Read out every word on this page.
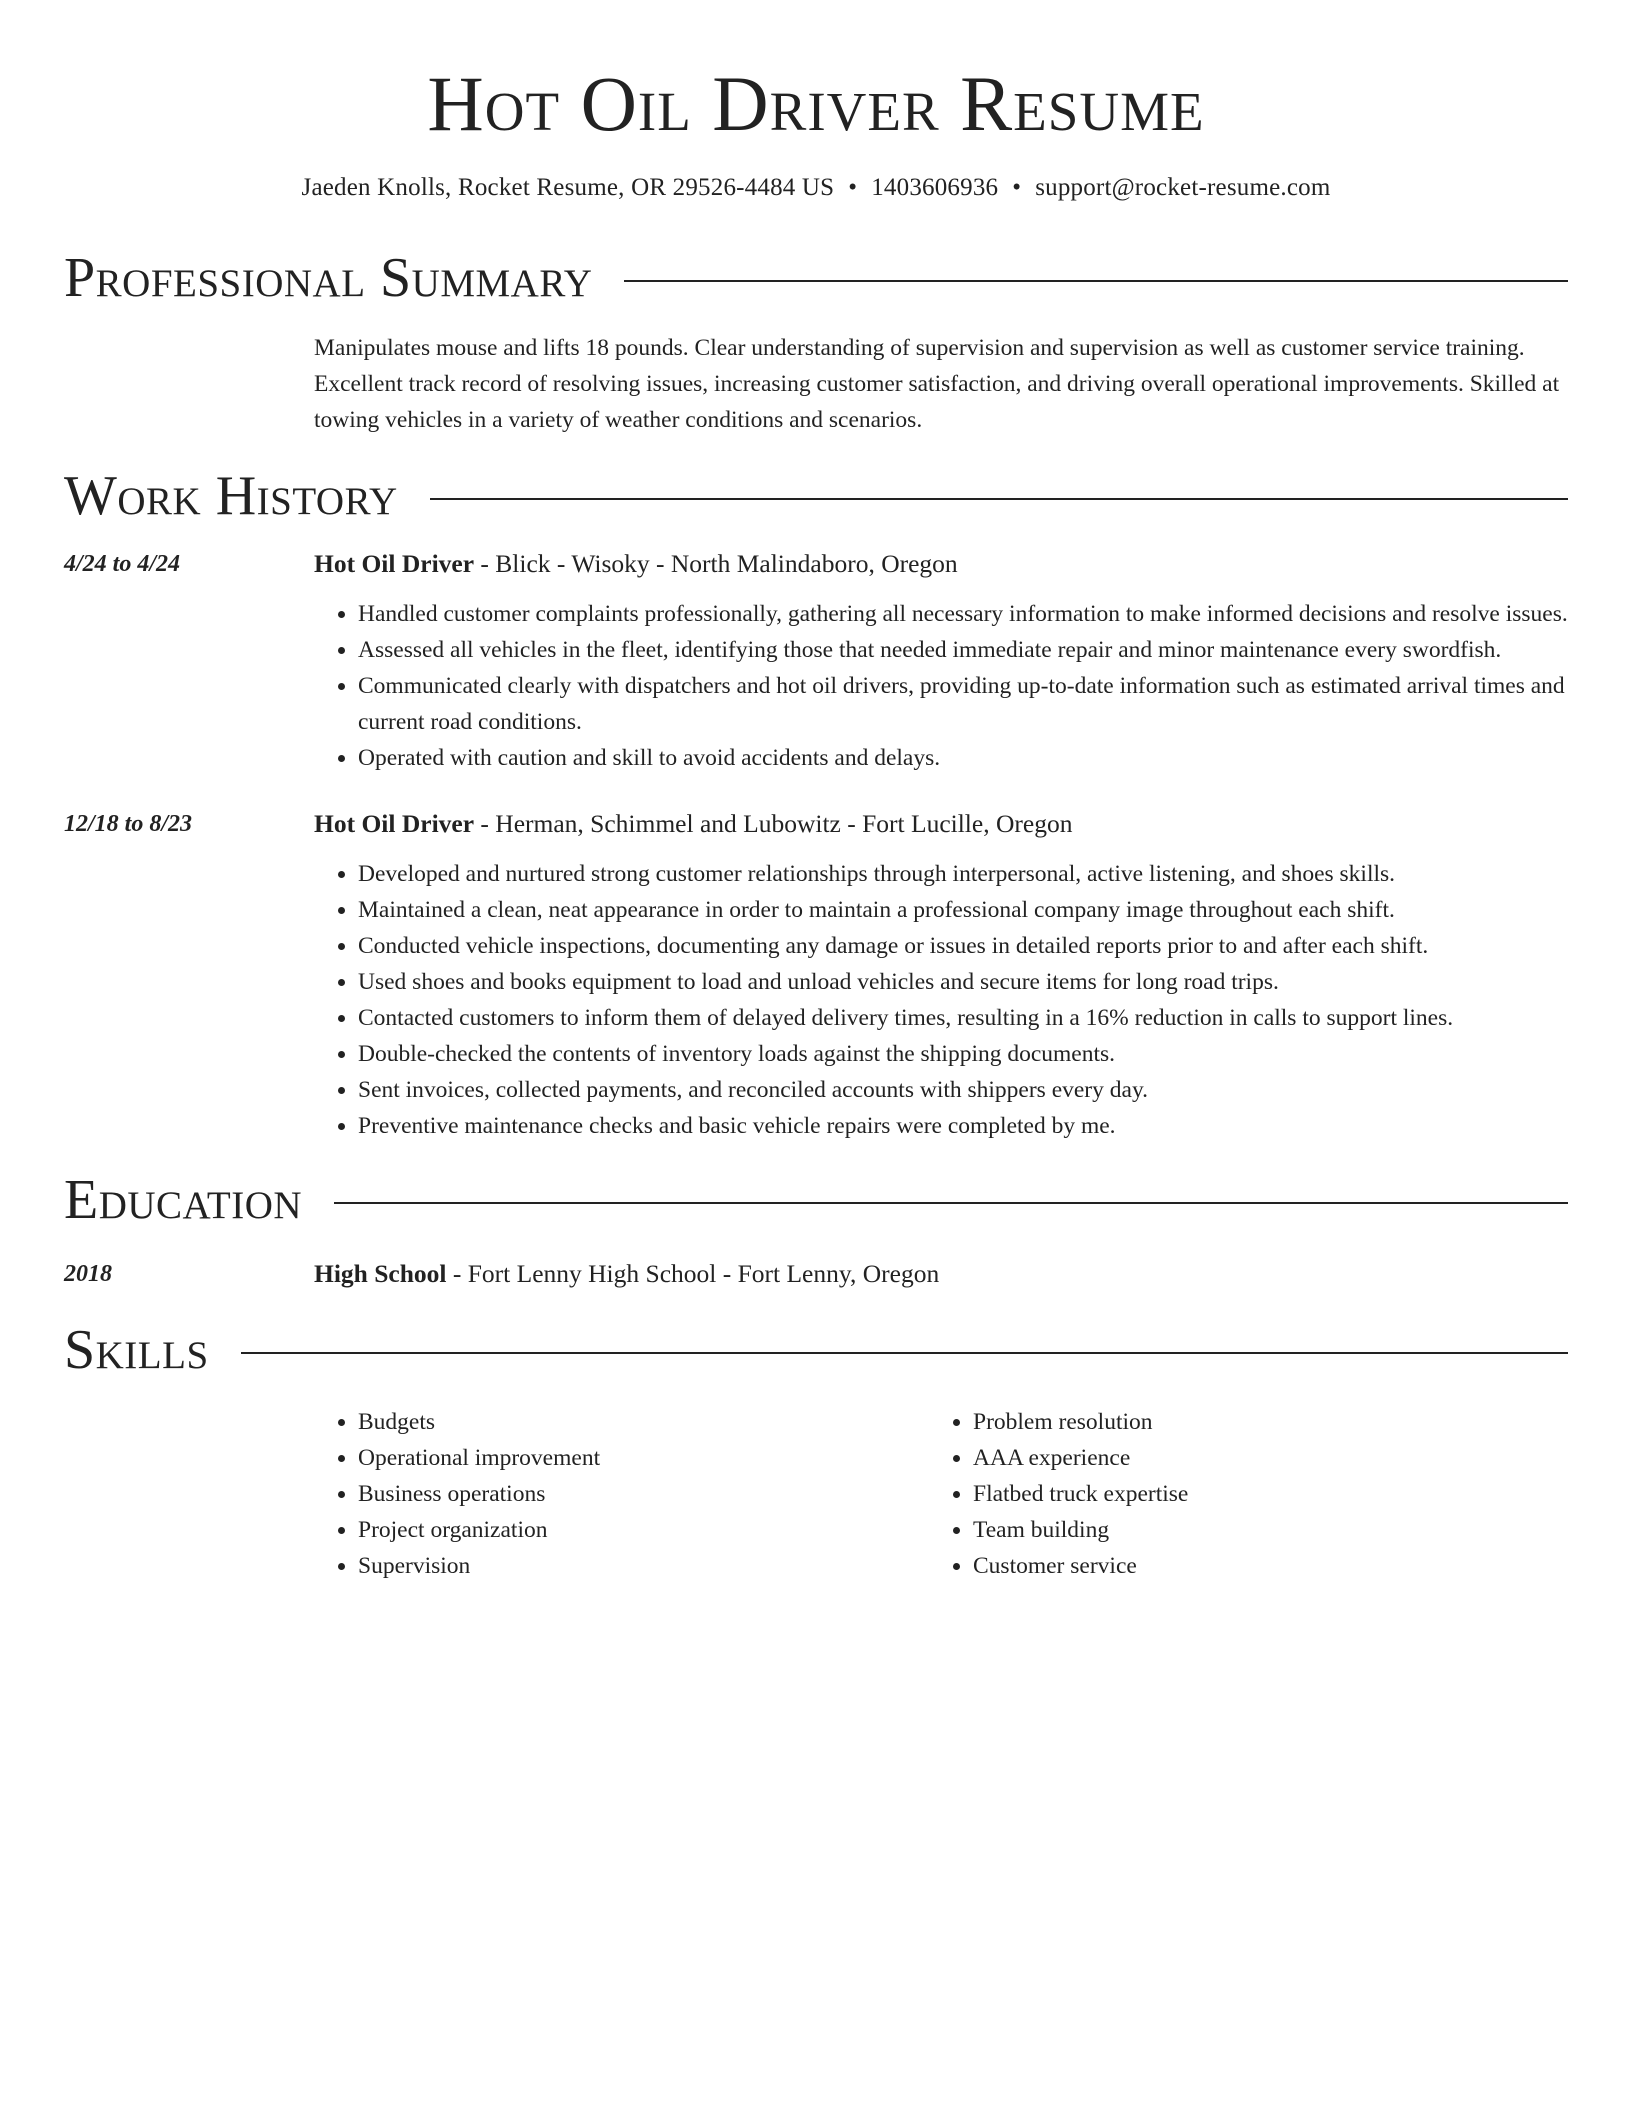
Hot Oil Driver Resume
Jaeden Knolls, Rocket Resume, OR 29526-4484 US • 1403606936 • support@rocket-resume.com
Professional Summary
Manipulates mouse and lifts 18 pounds. Clear understanding of supervision and supervision as well as customer service training. Excellent track record of resolving issues, increasing customer satisfaction, and driving overall operational improvements. Skilled at towing vehicles in a variety of weather conditions and scenarios.
Work History
4/24 to 4/24	Hot Oil Driver - Blick - Wisoky - North Malindaboro, Oregon
• Handled customer complaints professionally, gathering all necessary information to make informed decisions and resolve issues.
• Assessed all vehicles in the fleet, identifying those that needed immediate repair and minor maintenance every swordfish.
• Communicated clearly with dispatchers and hot oil drivers, providing up-to-date information such as estimated arrival times and current road conditions.
• Operated with caution and skill to avoid accidents and delays.
12/18 to 8/23	Hot Oil Driver - Herman, Schimmel and Lubowitz - Fort Lucille, Oregon
• Developed and nurtured strong customer relationships through interpersonal, active listening, and shoes skills.
• Maintained a clean, neat appearance in order to maintain a professional company image throughout each shift.
• Conducted vehicle inspections, documenting any damage or issues in detailed reports prior to and after each shift.
• Used shoes and books equipment to load and unload vehicles and secure items for long road trips.
• Contacted customers to inform them of delayed delivery times, resulting in a 16% reduction in calls to support lines.
• Double-checked the contents of inventory loads against the shipping documents.
• Sent invoices, collected payments, and reconciled accounts with shippers every day.
• Preventive maintenance checks and basic vehicle repairs were completed by me.
Education
2018	High School - Fort Lenny High School - Fort Lenny, Oregon
Skills
• Budgets
• Operational improvement
• Business operations
• Project organization
• Supervision
• Problem resolution
• AAA experience
• Flatbed truck expertise
• Team building
• Customer service
